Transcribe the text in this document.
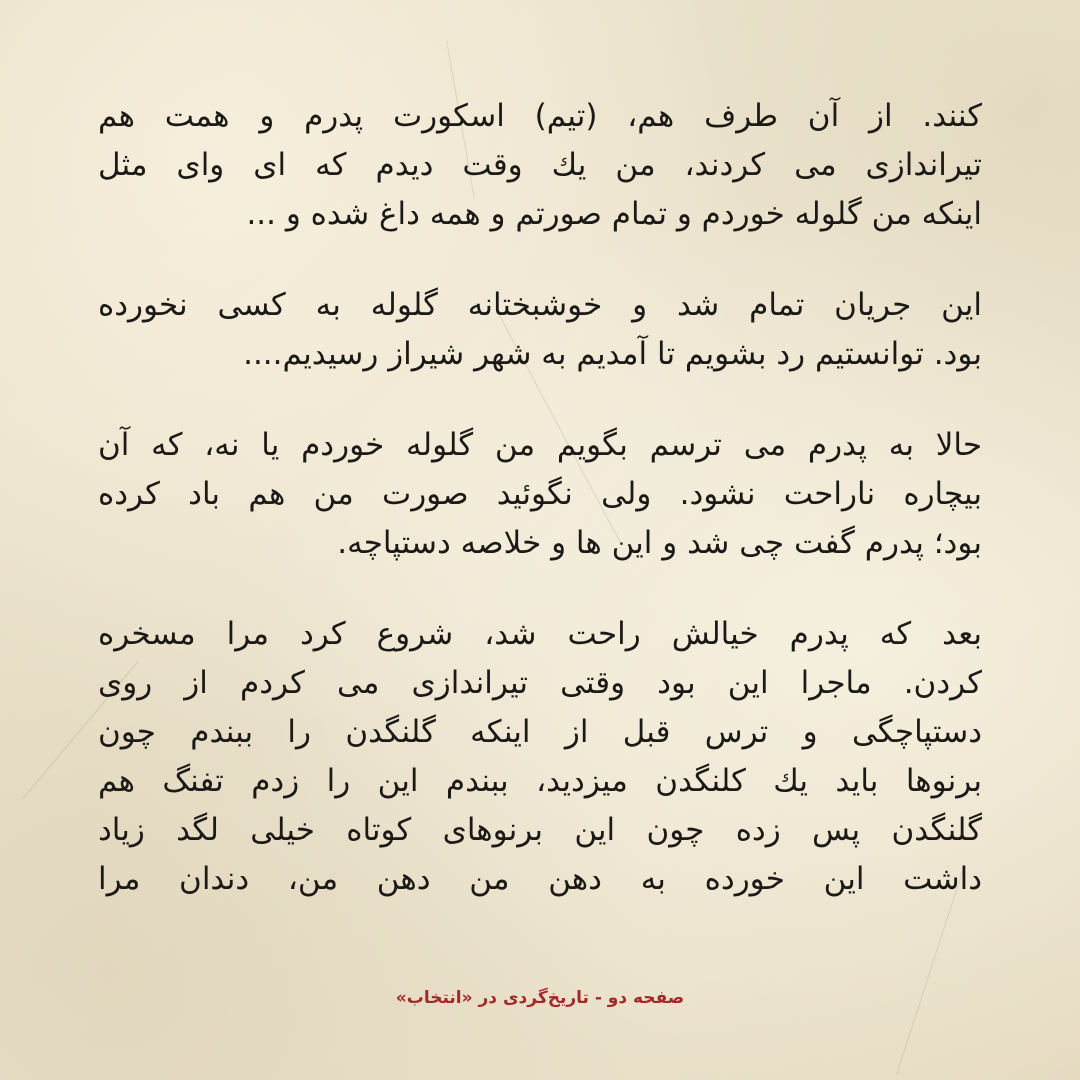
کنند. از آن طرف هم، (تیم) اسکورت پدرم و همت هم
تیراندازی می کردند، من یك وقت دیدم که ای وای مثل
اینکه من گلوله خوردم و تمام صورتم و همه داغ شده و ...
این جریان تمام شد و خوشبختانه گلوله به کسی نخورده
بود. توانستیم رد بشویم تا آمدیم به شهر شیراز رسیدیم....
حالا به پدرم می ترسم بگویم من گلوله خوردم یا نه، که آن
بیچاره ناراحت نشود. ولی نگوئید صورت من هم باد کرده
بود؛ پدرم گفت چی شد و این ها و خلاصه دستپاچه.
بعد که پدرم خیالش راحت شد، شروع کرد مرا مسخره
کردن. ماجرا این بود وقتی تیراندازی می کردم از روی
دستپاچگی و ترس قبل از اینکه گلنگدن را ببندم چون
برنوها باید یك کلنگدن میزدید، ببندم این را زدم تفنگ هم
گلنگدن پس زده چون این برنوهای کوتاه خیلی لگد زیاد
داشت این خورده به دهن من دهن من، دندان مرا
صفحه دو - تاریخ‌گردی در «انتخاب»
